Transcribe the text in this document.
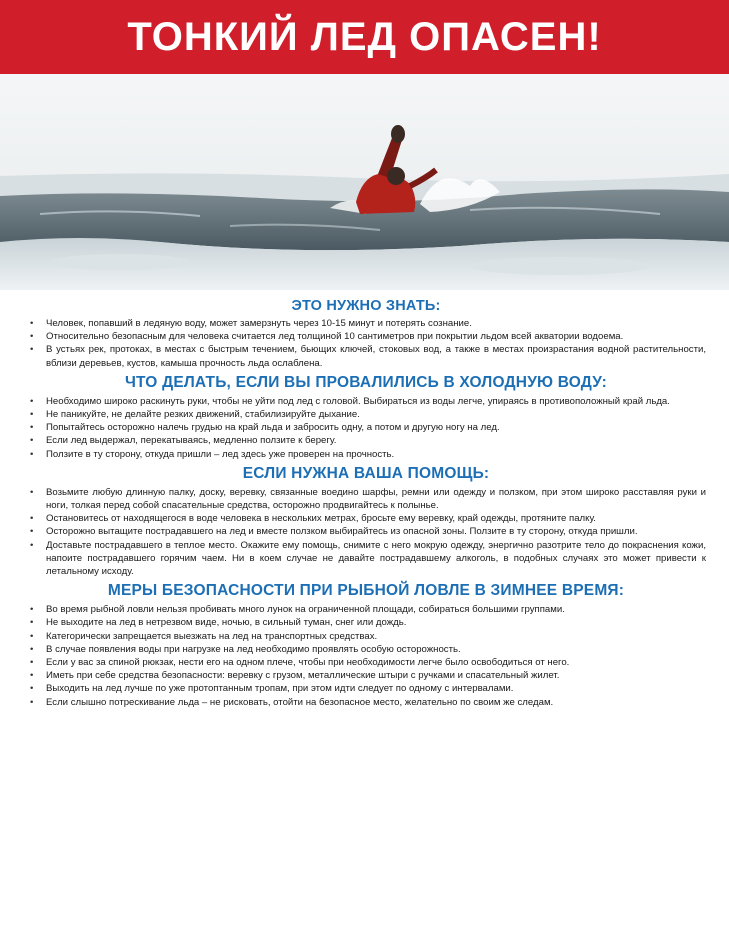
ТОНКИЙ ЛЕД ОПАСЕН!
ЭТО НУЖНО ЗНАТЬ:
• Человек, попавший в ледяную воду, может замерзнуть через 10-15 минут и потерять сознание.
• Относительно безопасным для человека считается лед толщиной 10 сантиметров при покрытии льдом всей акватории водоема.
• В устьях рек, протоках, в местах с быстрым течением, бьющих ключей, стоковых вод, а также в местах произрастания водной растительности, вблизи деревьев, кустов, камыша прочность льда ослаблена.
ЧТО ДЕЛАТЬ, ЕСЛИ ВЫ ПРОВАЛИЛИСЬ В ХОЛОДНУЮ ВОДУ:
• Необходимо широко раскинуть руки, чтобы не уйти под лед с головой. Выбираться из воды легче, упираясь в противоположный край льда.
• Не паникуйте, не делайте резких движений, стабилизируйте дыхание.
• Попытайтесь осторожно налечь грудью на край льда и забросить одну, а потом и другую ногу на лед.
• Если лед выдержал, перекатываясь, медленно ползите к берегу.
• Ползите в ту сторону, откуда пришли – лед здесь уже проверен на прочность.
ЕСЛИ НУЖНА ВАША ПОМОЩЬ:
• Возьмите любую длинную палку, доску, веревку, связанные воедино шарфы, ремни или одежду и ползком, при этом широко расставляя руки и ноги, толкая перед собой спасательные средства, осторожно продвигайтесь к полынье.
• Остановитесь от находящегося в воде человека в нескольких метрах, бросьте ему веревку, край одежды, протяните палку.
• Осторожно вытащите пострадавшего на лед и вместе ползком выбирайтесь из опасной зоны. Ползите в ту сторону, откуда пришли.
• Доставьте пострадавшего в теплое место. Окажите ему помощь, снимите с него мокрую одежду, энергично разотрите тело до покраснения кожи, напоите пострадавшего горячим чаем. Ни в коем случае не давайте пострадавшему алкоголь, в подобных случаях это может привести к летальному исходу.
МЕРЫ БЕЗОПАСНОСТИ ПРИ РЫБНОЙ ЛОВЛЕ В ЗИМНЕЕ ВРЕМЯ:
• Во время рыбной ловли нельзя пробивать много лунок на ограниченной площади, собираться большими группами.
• Не выходите на лед в нетрезвом виде, ночью, в сильный туман, снег или дождь.
• Категорически запрещается выезжать на лед на транспортных средствах.
• В случае появления воды при нагрузке на лед необходимо проявлять особую осторожность.
• Если у вас за спиной рюкзак, нести его на одном плече, чтобы при необходимости легче было освободиться от него.
• Иметь при себе средства безопасности: веревку с грузом, металлические штыри с ручками и спасательный жилет.
• Выходить на лед лучше по уже протоптанным тропам, при этом идти следует по одному с интервалами.
• Если слышно потрескивание льда – не рисковать, отойти на безопасное место, желательно по своим же следам.
